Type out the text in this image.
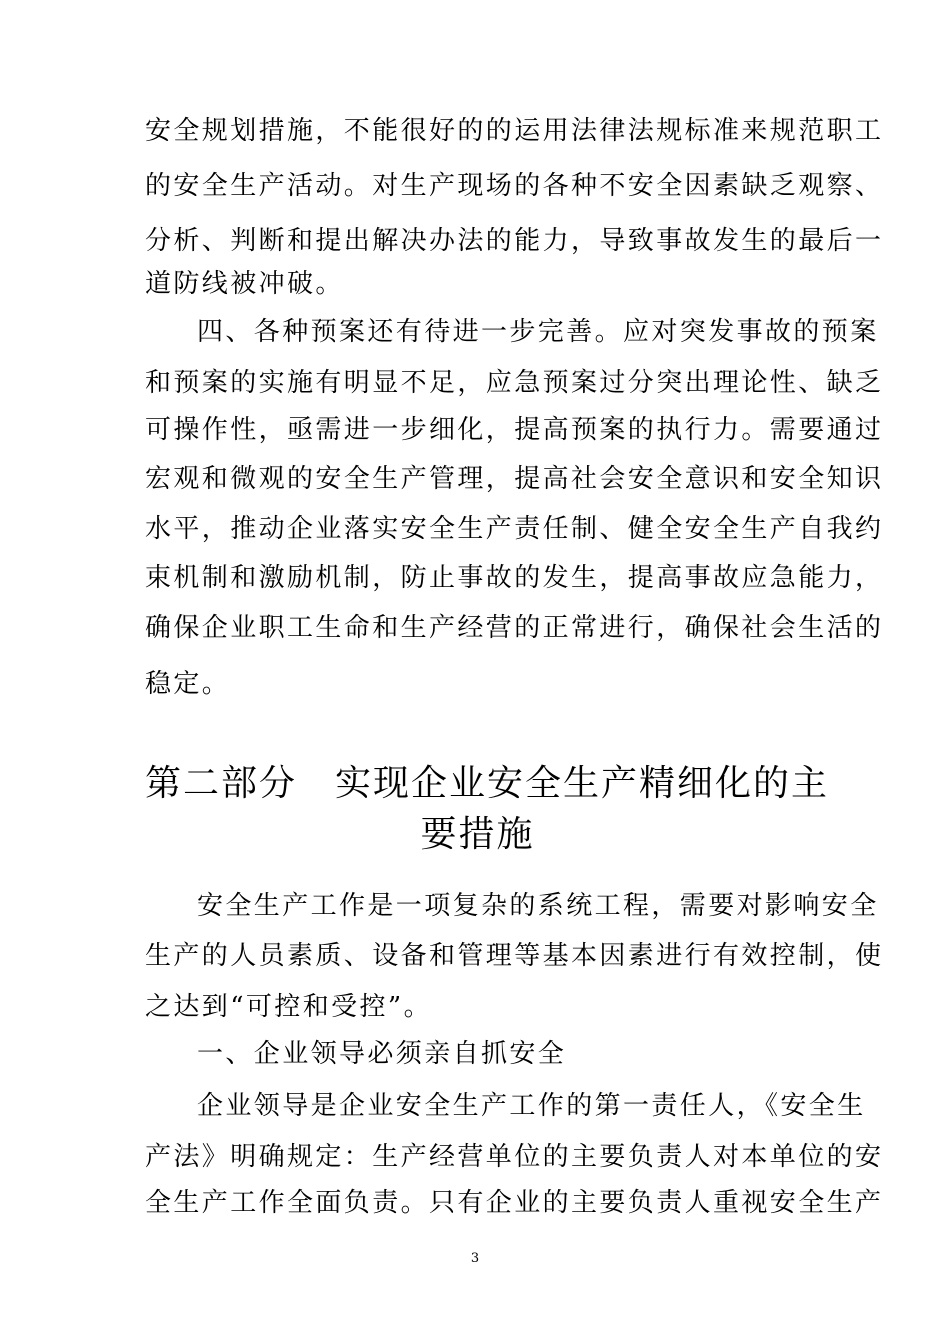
安全规划措施，不能很好的的运用法律法规标准来规范职工
的安全生产活动。对生产现场的各种不安全因素缺乏观察、
分析、判断和提出解决办法的能力，导致事故发生的最后一
道防线被冲破。
四、各种预案还有待进一步完善。应对突发事故的预案
和预案的实施有明显不足，应急预案过分突出理论性、缺乏
可操作性，亟需进一步细化，提高预案的执行力。需要通过
宏观和微观的安全生产管理，提高社会安全意识和安全知识
水平，推动企业落实安全生产责任制、健全安全生产自我约
束机制和激励机制，防止事故的发生，提高事故应急能力，
确保企业职工生命和生产经营的正常进行，确保社会生活的
稳定。
第二部分　实现企业安全生产精细化的主
要措施
安全生产工作是一项复杂的系统工程，需要对影响安全
生产的人员素质、设备和管理等基本因素进行有效控制，使
之达到“可控和受控”。
一、企业领导必须亲自抓安全
企业领导是企业安全生产工作的第一责任人，《安全生
产法》明确规定：生产经营单位的主要负责人对本单位的安
全生产工作全面负责。只有企业的主要负责人重视安全生产
3
